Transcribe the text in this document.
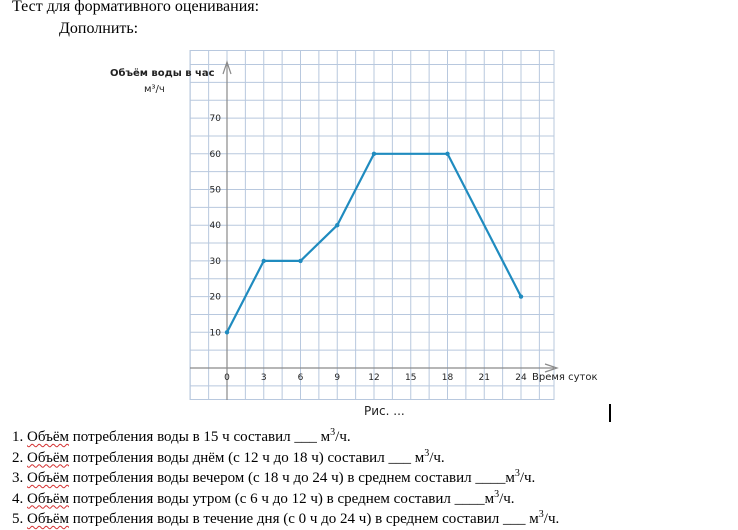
Тест для формативного оценивания:
Дополнить:
0	3	6	9	12	15	18	21	24
10
20
30
40
50
60
70
Объём воды в час
м³/ч
Время суток
Рис. ...
1. Объём потребления воды в 15 ч составил ___ $м^3/ч$.
2. Объём потребления воды днём (с 12 ч до 18 ч) составил ___ $м^3/ч$.
3. Объём потребления воды вечером (с 18 ч до 24 ч) в среднем составил $\_\_\_\_м^3/ч$.
4. Объём потребления воды утром (с 6 ч до 12 ч) в среднем составил $\_\_\_\_м^3/ч$.
5. Объём потребления воды в течение дня (с 0 ч до 24 ч) в среднем составил ___ $м^3/ч$.
